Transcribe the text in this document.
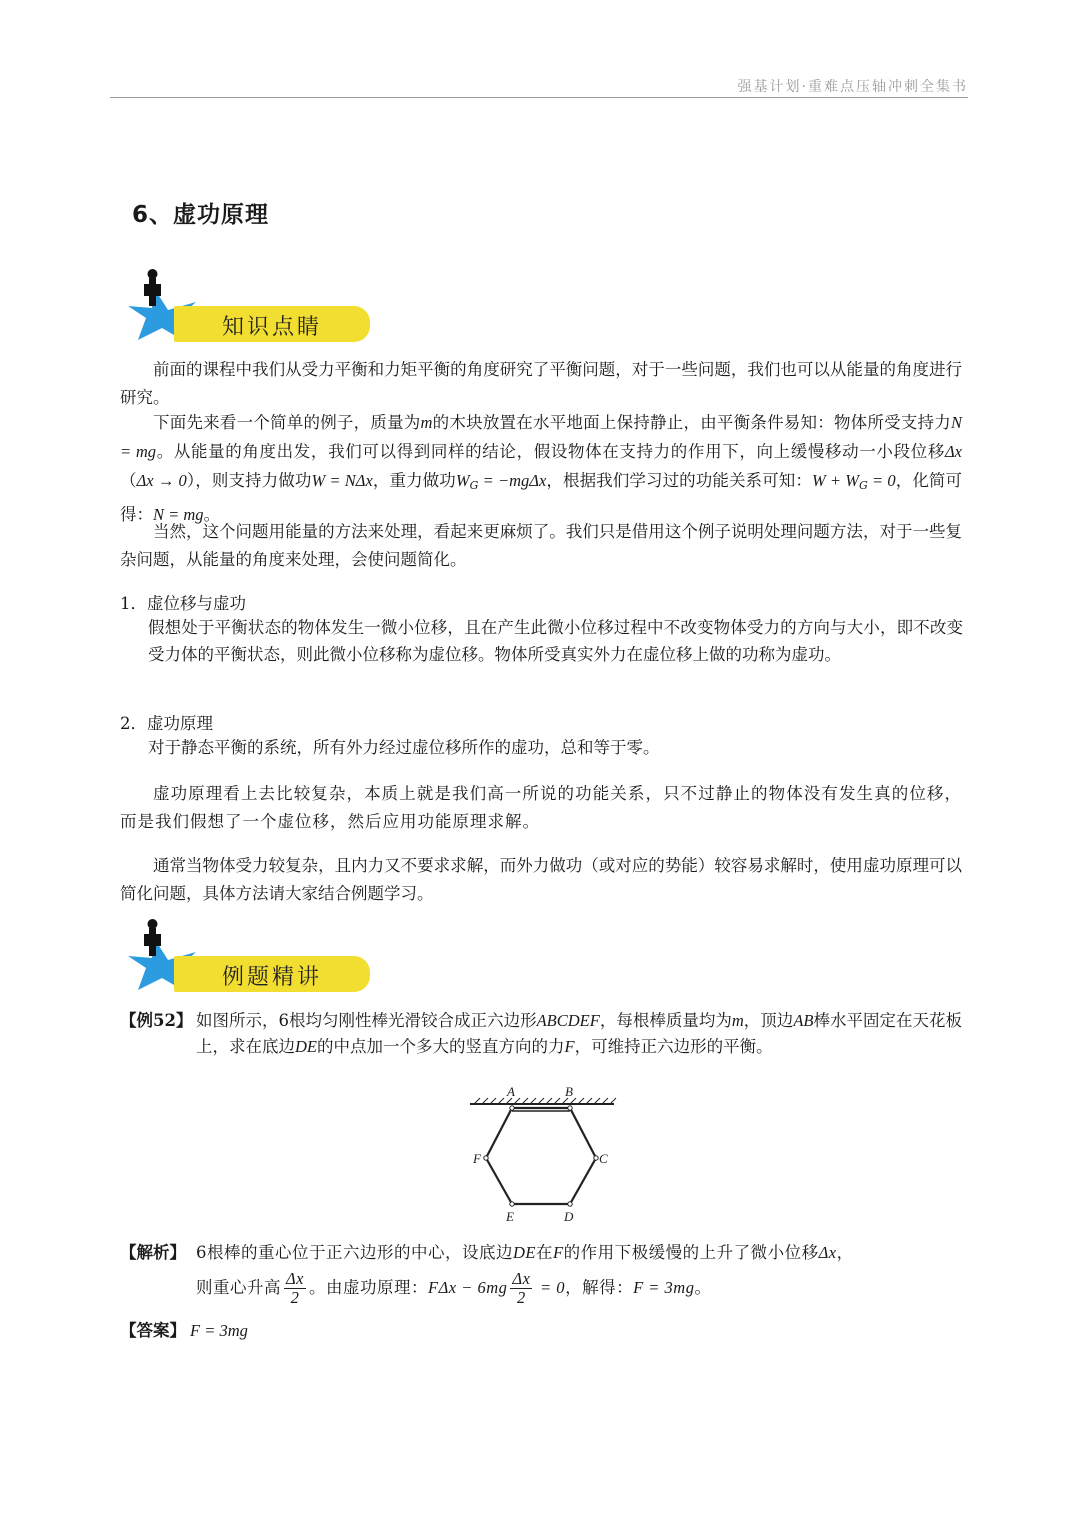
强基计划·重难点压轴冲刺全集书
6、虚功原理
知识点睛
前面的课程中我们从受力平衡和力矩平衡的角度研究了平衡问题，对于一些问题，我们也可以从能量的角度进行研究。
下面先来看一个简单的例子，质量为m的木块放置在水平地面上保持静止，由平衡条件易知：物体所受支持力N = mg。从能量的角度出发，我们可以得到同样的结论，假设物体在支持力的作用下，向上缓慢移动一小段位移Δx（Δx → 0），则支持力做功W = NΔx，重力做功$W_G = -mg\Delta x$，根据我们学习过的功能关系可知：$W + W_G = 0$，化简可得：N = mg。
当然，这个问题用能量的方法来处理，看起来更麻烦了。我们只是借用这个例子说明处理问题方法，对于一些复杂问题，从能量的角度来处理，会使问题简化。
1．虚位移与虚功
假想处于平衡状态的物体发生一微小位移，且在产生此微小位移过程中不改变物体受力的方向与大小，即不改变受力体的平衡状态，则此微小位移称为虚位移。物体所受真实外力在虚位移上做的功称为虚功。
2．虚功原理
对于静态平衡的系统，所有外力经过虚位移所作的虚功，总和等于零。
虚功原理看上去比较复杂，本质上就是我们高一所说的功能关系，只不过静止的物体没有发生真的位移，而是我们假想了一个虚位移，然后应用功能原理求解。
通常当物体受力较复杂，且内力又不要求求解，而外力做功（或对应的势能）较容易求解时，使用虚功原理可以简化问题，具体方法请大家结合例题学习。
例题精讲
【例52】 如图所示，6根均匀刚性棒光滑铰合成正六边形ABCDEF，每根棒质量均为m，顶边AB棒水平固定在天花板上，求在底边DE的中点加一个多大的竖直方向的力F，可维持正六边形的平衡。
A	B
C
D
E
F
【解析】 6根棒的重心位于正六边形的中心，设底边DE在F的作用下极缓慢的上升了微小位移Δx，
则重心升高 $\frac{\Delta x}{2}$ 。由虚功原理：$F\Delta x - 6mg \frac{\Delta x}{2} = 0$，解得：F = 3mg。
【答案】 F = 3mg
